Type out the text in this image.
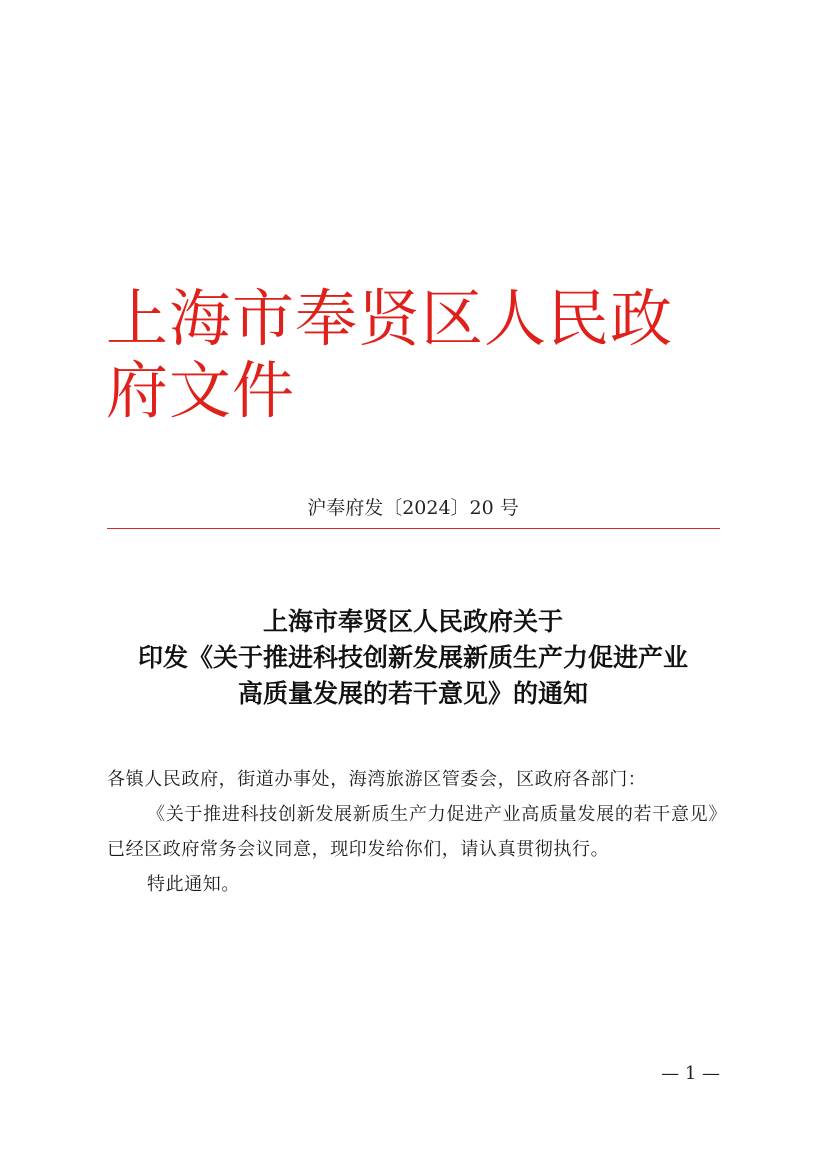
上海市奉贤区人民政府文件
沪奉府发〔2024〕20 号
上海市奉贤区人民政府关于
印发《关于推进科技创新发展新质生产力促进产业
高质量发展的若干意见》的通知

各镇人民政府，街道办事处，海湾旅游区管委会，区政府各部门：

《关于推进科技创新发展新质生产力促进产业高质量发展的若干意见》已经区政府常务会议同意，现印发给你们，请认真贯彻执行。

特此通知。

— 1 —
